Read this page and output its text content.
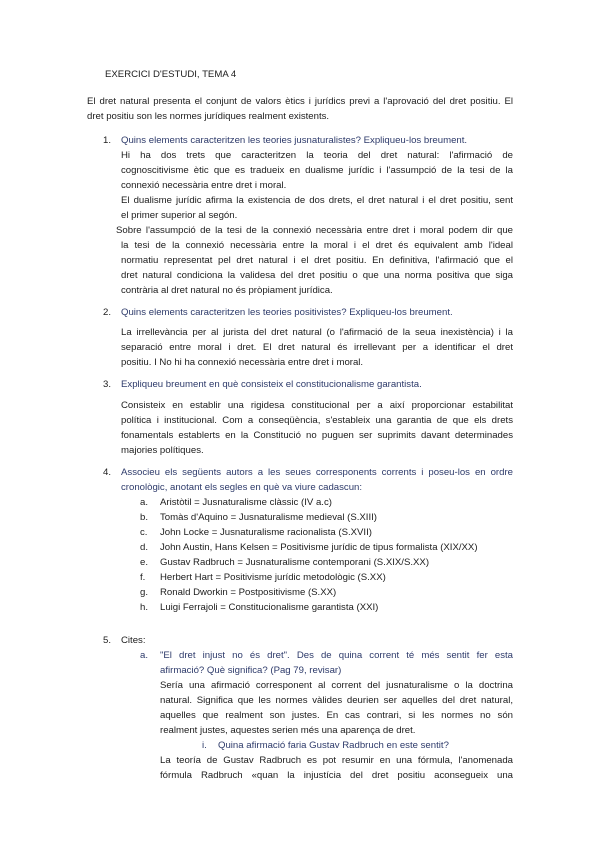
EXERCICI D'ESTUDI, TEMA 4
El dret natural presenta el conjunt de valors ètics i jurídics previ a l'aprovació del dret positiu. El
dret positiu son les normes jurídiques realment existents.
1. Quins elements caracteritzen les teories jusnaturalistes? Expliqueu-los breument.
Hi ha dos trets que caracteritzen la teoria del dret natural: l'afirmació de
cognoscitivisme ètic que es tradueix en dualisme jurídic i l'assumpció de la tesi de la
connexió necessària entre dret i moral.
El dualisme jurídic afirma la existencia de dos drets, el dret natural i el dret positiu, sent
el primer superior al segón.
Sobre l'assumpció de la tesi de la connexió necessària entre dret i moral podem dir que
la tesi de la connexió necessària entre la moral i el dret és equivalent amb l'ideal
normatiu representat pel dret natural i el dret positiu. En definitiva, l'afirmació que el
dret natural condiciona la validesa del dret positiu o que una norma positiva que siga
contrària al dret natural no és pròpiament jurídica.
2. Quins elements caracteritzen les teories positivistes? Expliqueu-los breument.
La irrellevància per al jurista del dret natural (o l'afirmació de la seua inexistència) i la
separació entre moral i dret. El dret natural és irrellevant per a identificar el dret
positiu. I No hi ha connexió necessària entre dret i moral.
3. Expliqueu breument en què consisteix el constitucionalisme garantista.
Consisteix en establir una rigidesa constitucional per a així proporcionar estabilitat
política i institucional. Com a conseqüència, s'estableix una garantia de que els drets
fonamentals establerts en la Constitució no puguen ser suprimits davant determinades
majories polítiques.
4. Associeu els següents autors a les seues corresponents corrents i poseu-los en ordre
cronològic, anotant els segles en què va viure cadascun:
a. Aristòtil = Jusnaturalisme clàssic (IV a.c)
b. Tomàs d'Aquino = Jusnaturalisme medieval (S.XIII)
c. John Locke = Jusnaturalisme racionalista (S.XVII)
d. John Austin, Hans Kelsen = Positivisme jurídic de tipus formalista (XIX/XX)
e. Gustav Radbruch = Jusnaturalisme contemporani (S.XIX/S.XX)
f. Herbert Hart = Positivisme jurídic metodològic (S.XX)
g. Ronald Dworkin = Postpositivisme (S.XX)
h. Luigi Ferrajoli = Constitucionalisme garantista (XXI)
5. Cites:
a. "El dret injust no és dret". Des de quina corrent té més sentit fer esta
afirmació? Què significa? (Pag 79, revisar)
Sería una afirmació corresponent al corrent del jusnaturalisme o la doctrina
natural. Significa que les normes vàlides deurien ser aquelles del dret natural,
aquelles que realment son justes. En cas contrari, si les normes no són
realment justes, aquestes serien més una aparença de dret.
i. Quina afirmació faria Gustav Radbruch en este sentit?
La teoría de Gustav Radbruch es pot resumir en una fórmula, l'anomenada
fórmula Radbruch «quan la injustícia del dret positiu aconsegueix una
